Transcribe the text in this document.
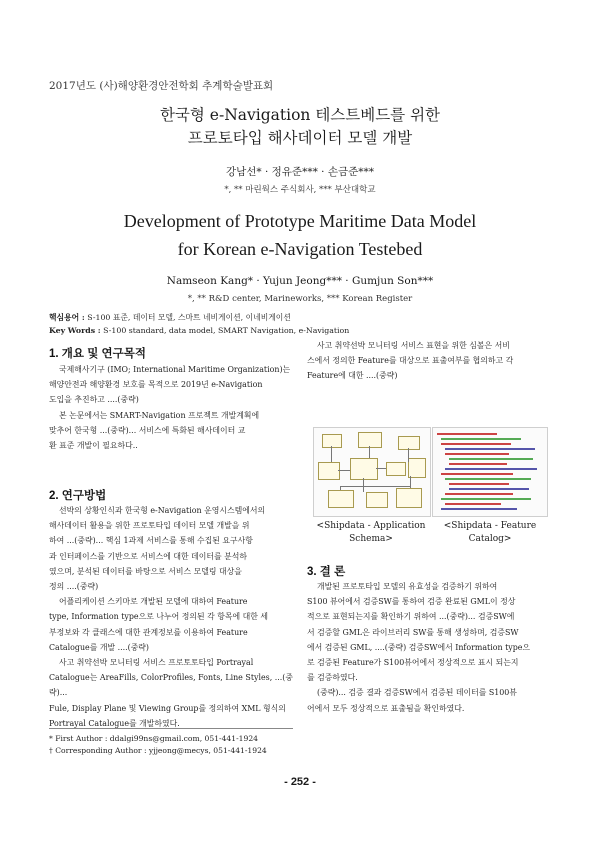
2017년도 (사)해양환경안전학회 추계학술발표회
한국형 e-Navigation 테스트베드를 위한
프로토타입 해사데이터 모델 개발
강남선* · 정유준*** · 손금준***
*, ** 마린웍스 주식회사, *** 부산대학교
Development of Prototype Maritime Data Model
for Korean e-Navigation Testebed
Namseon Kang* · Yujun Jeong*** · Gumjun Son***
*, ** R&D center, Marineworks, *** Korean Register
핵심용어 : S-100 표준, 데이터 모델, 스마트 네비게이션, 이네비게이션
Key Words : S-100 standard, data model, SMART Navigation, e-Navigation
1. 개요 및 연구목적
국제해사기구 (IMO; International Maritime Organization)는
해양안전과 해양환경 보호를 목적으로 2019년 e-Navigation
도입을 추진하고 ....(중략)
본 논문에서는 SMART-Navigation 프로젝트 개발계획에
맞추어 한국형 ...(중략)... 서비스에 특화된 해사데이터 교
환 표준 개발이 필요하다..
2. 연구방법
선박의 상황인식과 한국형 e-Navigation 운영시스템에서의
해사데이터 활용을 위한 프로토타입 데이터 모델 개발을 위
하여 ...(중략)... 핵심 1과제 서비스를 통해 수집된 요구사항
과 인터페이스를 기반으로 서비스에 대한 데이터를 분석하
였으며, 분석된 데이터를 바탕으로 서비스 모델링 대상을
정의 ....(중략)
어플리케이션 스키마로 개발된 모델에 대하여 Feature
type, Information type으로 나누어 정의된 각 항목에 대한 세
부정보와 각 클래스에 대한 관계정보를 이용하여 Feature
Catalogue를 개발 ....(중략)
사고 취약선박 모니터링 서비스 프로토토타입 Portrayal
Catalogue는 AreaFills, ColorProfiles, Fonts, Line Styles, ...(중략)...
Fule, Display Plane 및 Viewing Group를 정의하여 XML 형식의
Portrayal Catalogue를 개발하였다.
사고 취약선박 모니터링 서비스 표현을 위한 심볼은 서비
스에서 정의한 Feature를 대상으로 표출여부를 협의하고 각
Feature에 대한 ....(중략)
<Shipdata - Application
Schema>
<Shipdata - Feature
Catalog>
3. 결 론
개발된 프로토타입 모델의 유효성을 검증하기 위하여
S100 뷰어에서 검증SW를 통하여 검증 완료된 GML이 정상
적으로 표현되는지를 확인하기 위하여 ...(중략)... 검증SW에
서 검증할 GML은 라이브러리 SW를 통해 생성하며, 검증SW
에서 검증된 GML, ....(중략) 검증SW에서 Information type으
로 검증된 Feature가 S100뷰어에서 정상적으로 표시 되는지
를 검증하였다.
(중략)... 검증 결과 검증SW에서 검증된 데이터를 S100뷰
어에서 모두 정상적으로 표출됨을 확인하였다.
* First Author : ddalgi99ns@gmail.com, 051-441-1924
† Corresponding Author : yjjeong@mecys, 051-441-1924
- 252 -
